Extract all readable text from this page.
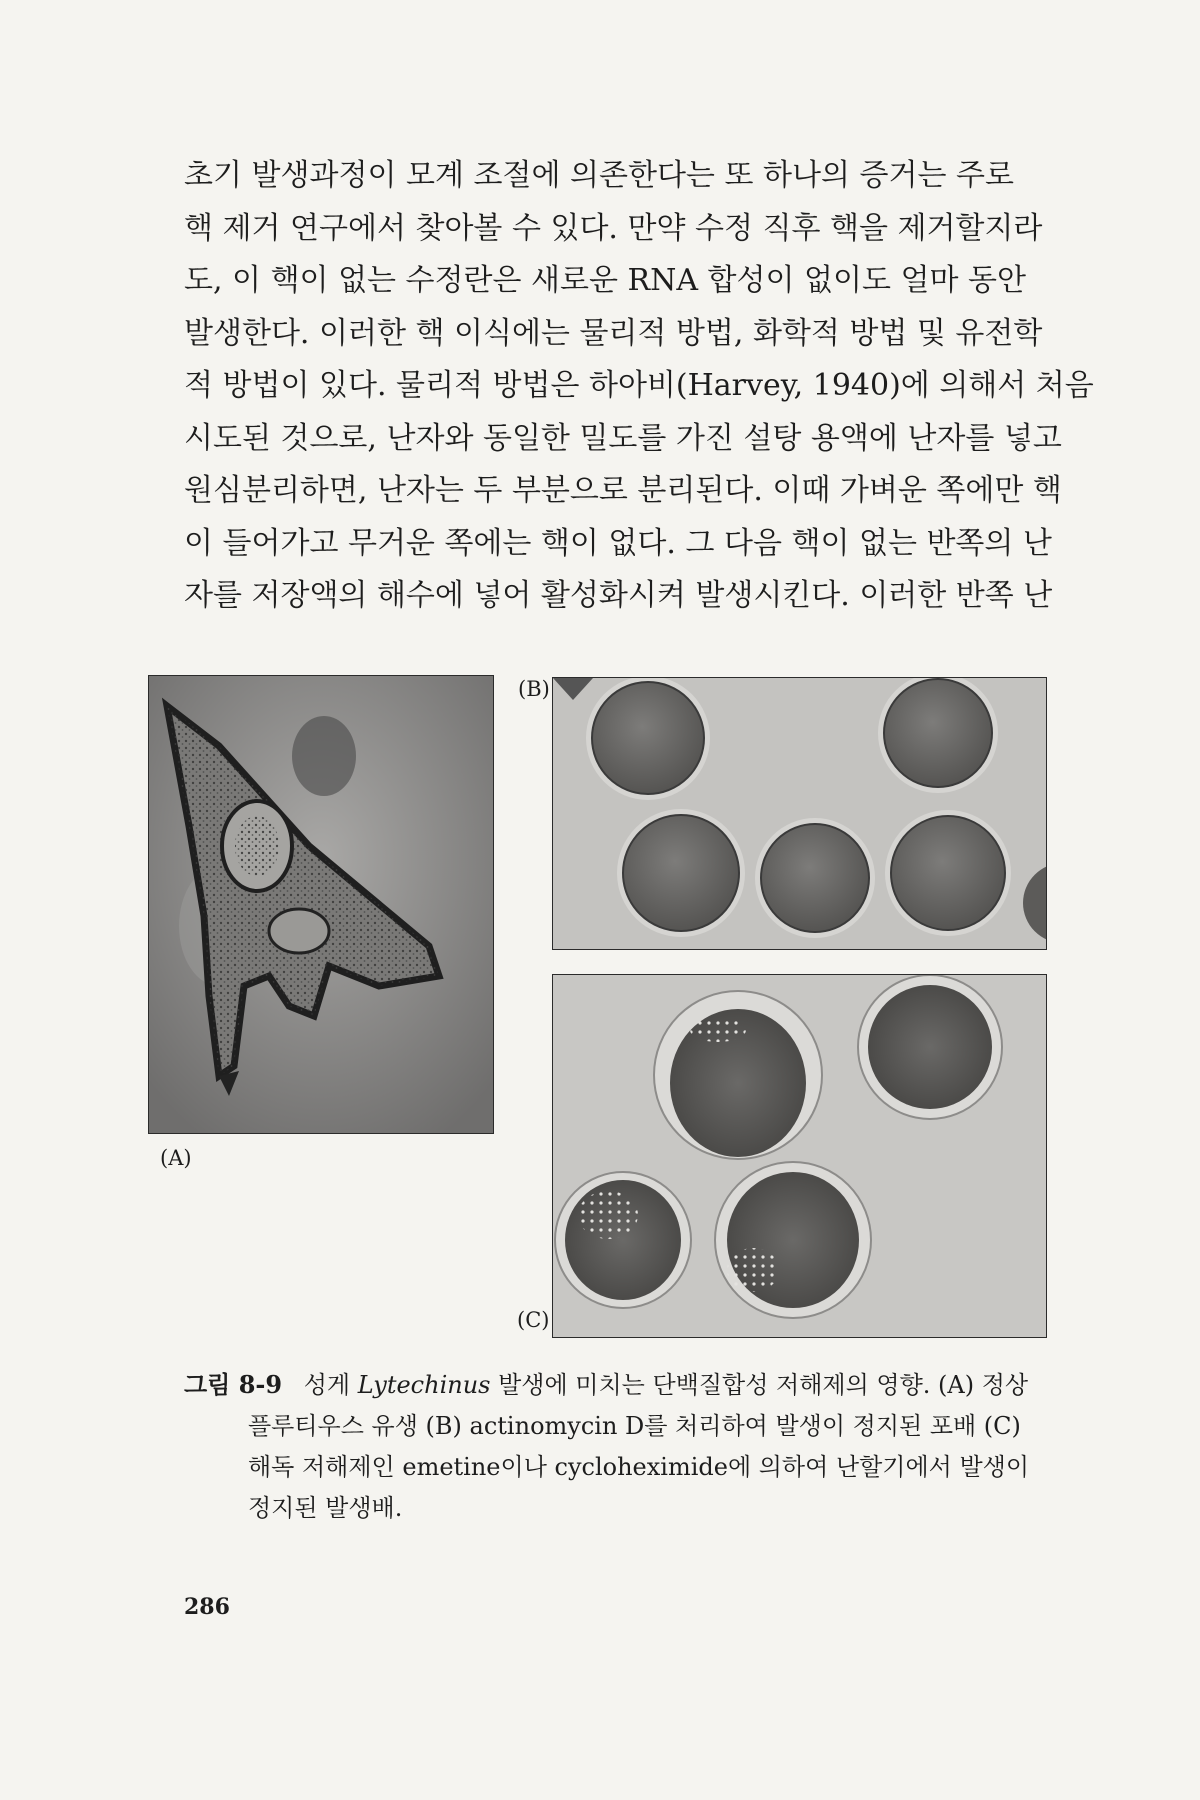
초기 발생과정이 모계 조절에 의존한다는 또 하나의 증거는 주로
핵 제거 연구에서 찾아볼 수 있다. 만약 수정 직후 핵을 제거할지라
도, 이 핵이 없는 수정란은 새로운 RNA 합성이 없이도 얼마 동안
발생한다. 이러한 핵 이식에는 물리적 방법, 화학적 방법 및 유전학
적 방법이 있다. 물리적 방법은 하아비(Harvey, 1940)에 의해서 처음
시도된 것으로, 난자와 동일한 밀도를 가진 설탕 용액에 난자를 넣고
원심분리하면, 난자는 두 부분으로 분리된다. 이때 가벼운 쪽에만 핵
이 들어가고 무거운 쪽에는 핵이 없다. 그 다음 핵이 없는 반쪽의 난
자를 저장액의 해수에 넣어 활성화시켜 발생시킨다. 이러한 반쪽 난
(A)
(B)
(C)
그림 8-9 성게 Lytechinus 발생에 미치는 단백질합성 저해제의 영향. (A) 정상
플루티우스 유생 (B) actinomycin D를 처리하여 발생이 정지된 포배 (C)
해독 저해제인 emetine이나 cycloheximide에 의하여 난할기에서 발생이
정지된 발생배.
286
